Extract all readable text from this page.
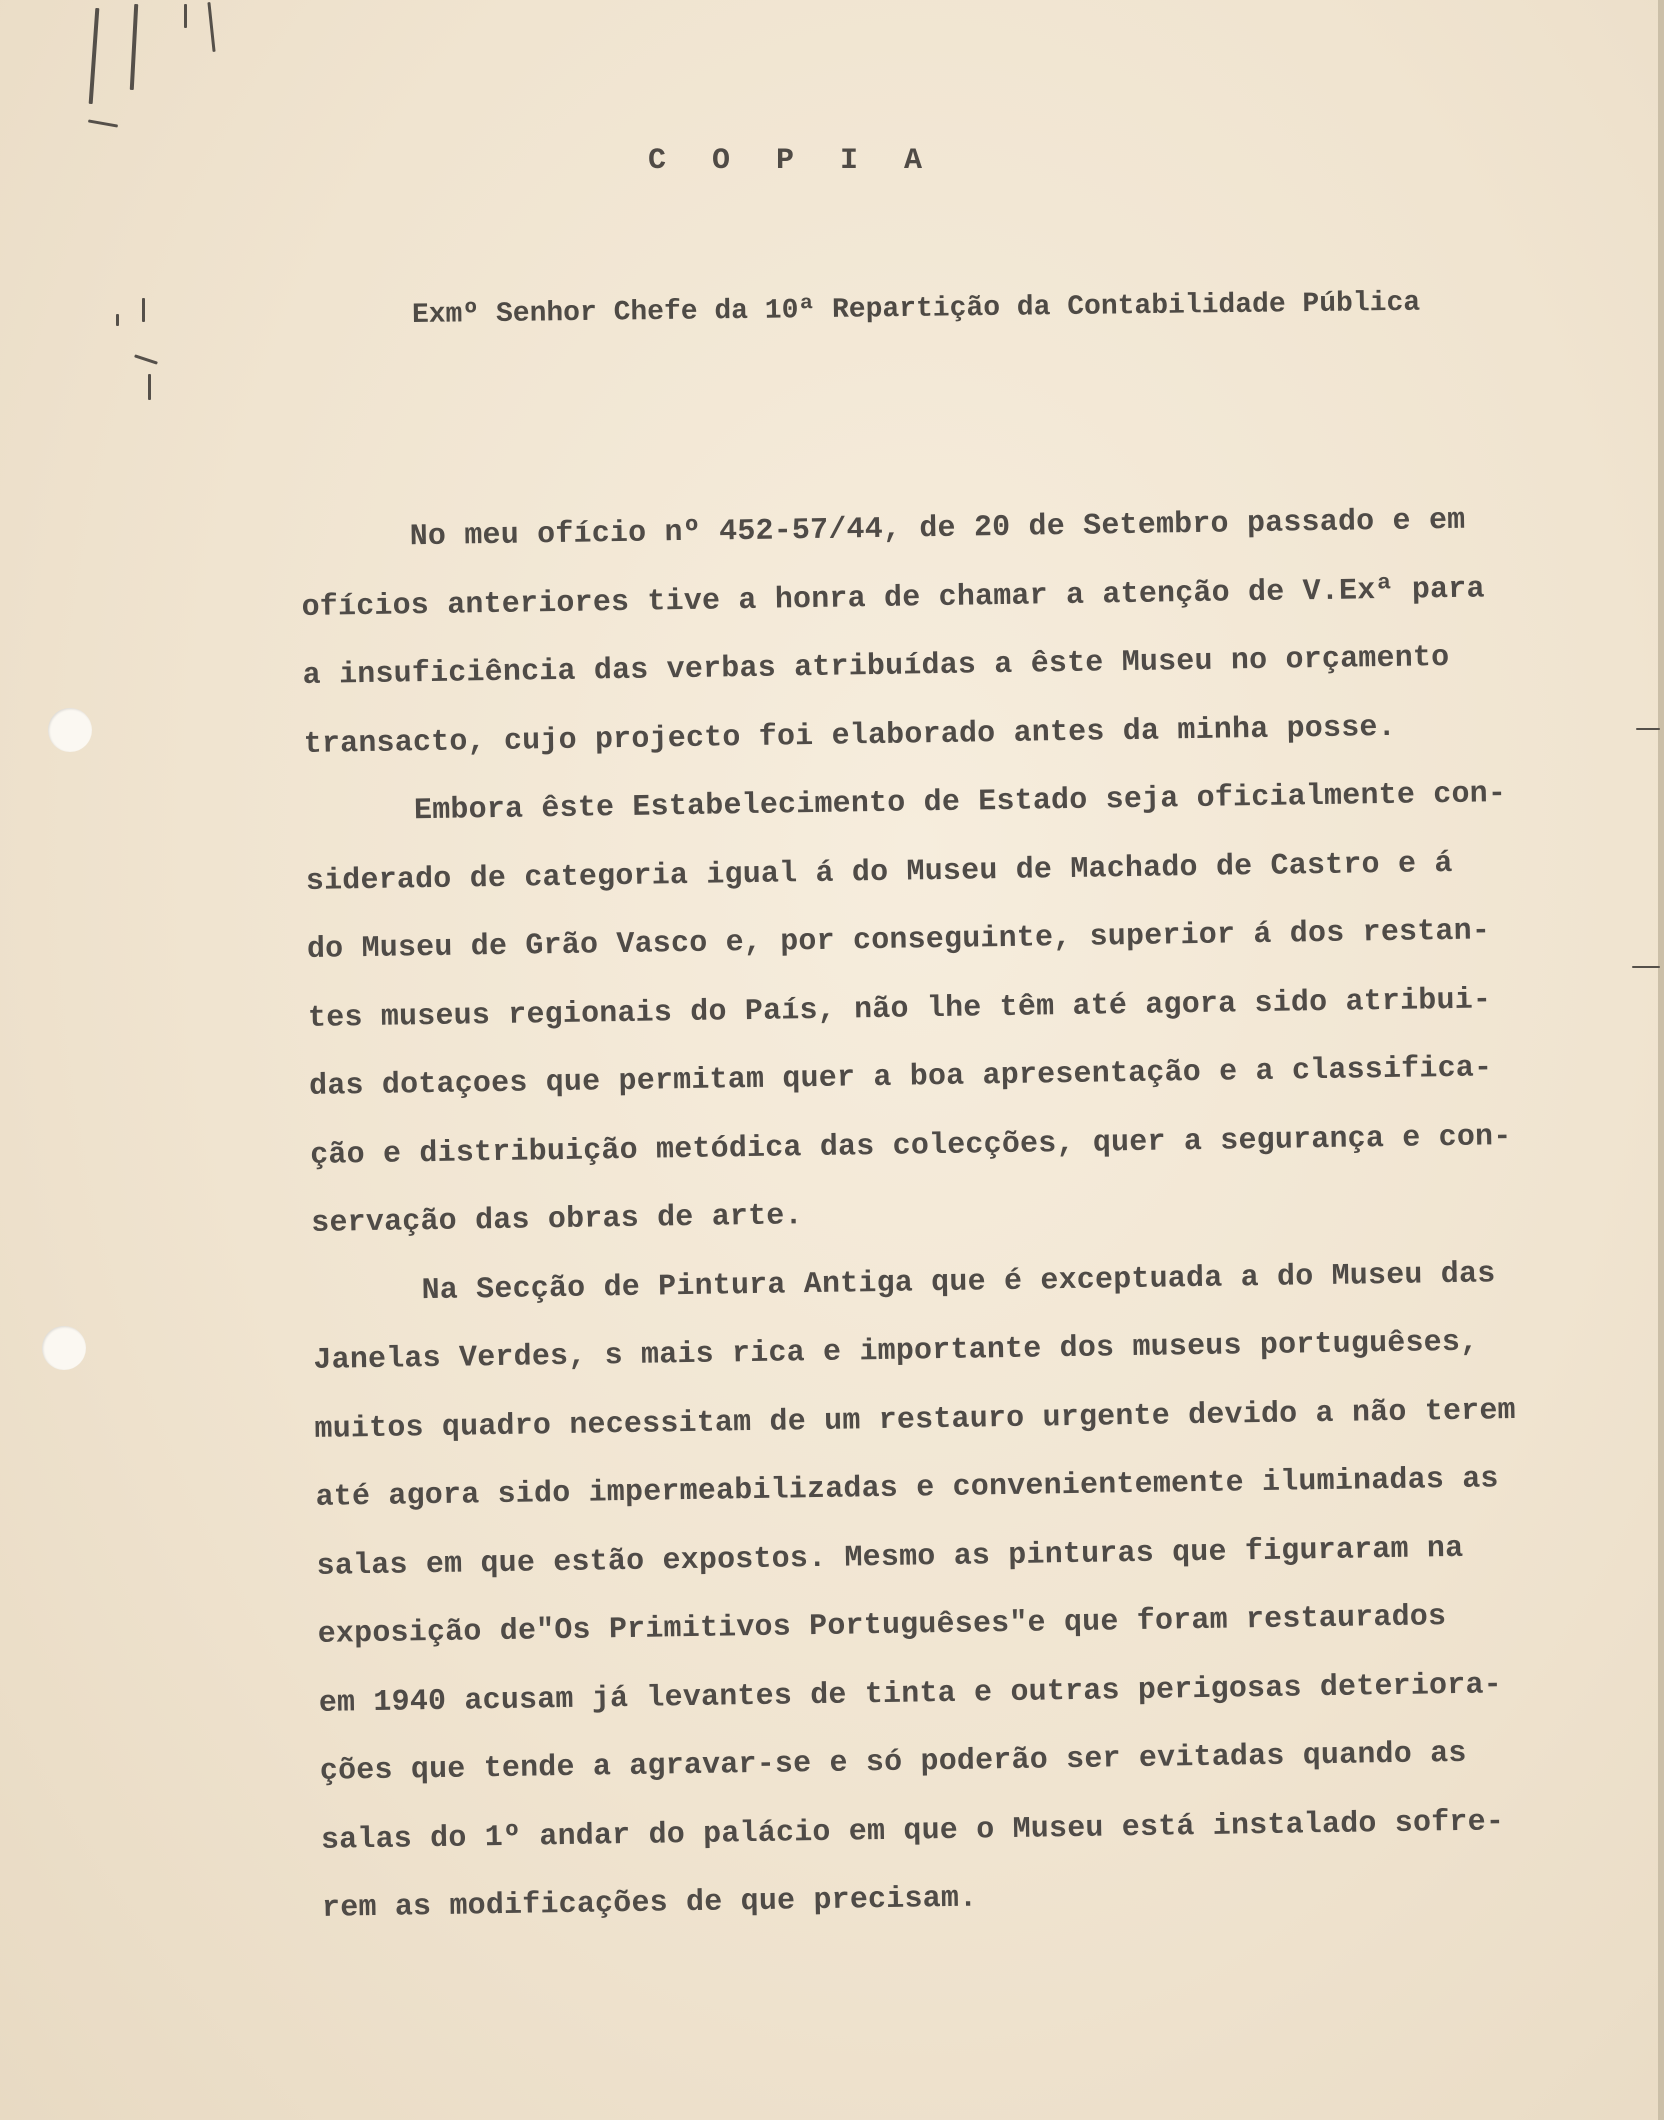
C O P I A
Exmº Senhor Chefe da 10ª Repartição da Contabilidade Pública
No meu ofício nº 452-57/44, de 20 de Setembro passado e em
ofícios anteriores tive a honra de chamar a atenção de V.Exª para
a insuficiência das verbas atribuídas a êste Museu no orçamento
transacto, cujo projecto foi elaborado antes da minha posse.
Embora êste Estabelecimento de Estado seja oficialmente con-
siderado de categoria igual á do Museu de Machado de Castro e á
do Museu de Grão Vasco e, por conseguinte, superior á dos restan-
tes museus regionais do País, não lhe têm até agora sido atribui-
das dotaçoes que permitam quer a boa apresentação e a classifica-
ção e distribuição metódica das colecções, quer a segurança e con-
servação das obras de arte.
Na Secção de Pintura Antiga que é exceptuada a do Museu das
Janelas Verdes, s mais rica e importante dos museus portuguêses,
muitos quadro necessitam de um restauro urgente devido a não terem
até agora sido impermeabilizadas e convenientemente iluminadas as
salas em que estão expostos. Mesmo as pinturas que figuraram na
exposição de"Os Primitivos Portuguêses"e que foram restaurados
em 1940 acusam já levantes de tinta e outras perigosas deteriora-
ções que tende a agravar-se e só poderão ser evitadas quando as
salas do 1º andar do palácio em que o Museu está instalado sofre-
rem as modificações de que precisam.
